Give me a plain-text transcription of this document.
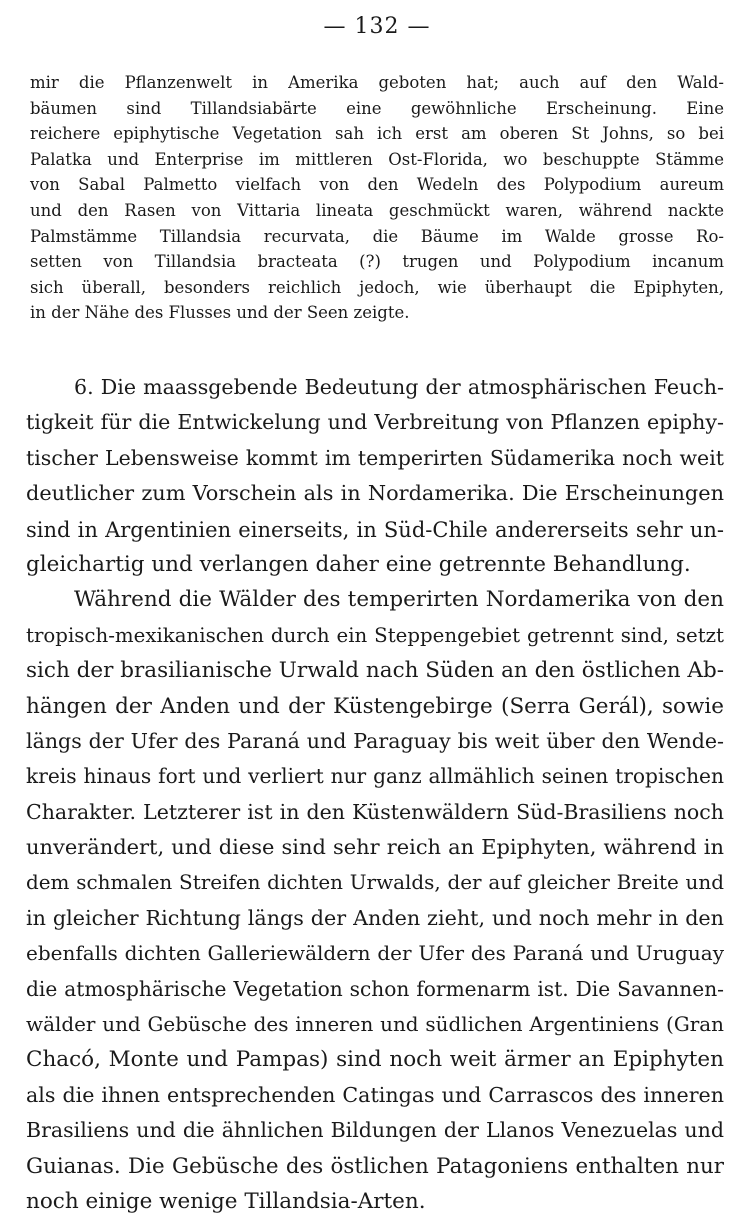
— 132 —
mir die Pflanzenwelt in Amerika geboten hat; auch auf den Wald-
bäumen sind Tillandsiabärte eine gewöhnliche Erscheinung. Eine
reichere epiphytische Vegetation sah ich erst am oberen St Johns, so bei
Palatka und Enterprise im mittleren Ost-Florida, wo beschuppte Stämme
von Sabal Palmetto vielfach von den Wedeln des Polypodium aureum
und den Rasen von Vittaria lineata geschmückt waren, während nackte
Palmstämme Tillandsia recurvata, die Bäume im Walde grosse Ro-
setten von Tillandsia bracteata (?) trugen und Polypodium incanum
sich überall, besonders reichlich jedoch, wie überhaupt die Epiphyten,
in der Nähe des Flusses und der Seen zeigte.
6. Die maassgebende Bedeutung der atmosphärischen Feuch-
tigkeit für die Entwickelung und Verbreitung von Pflanzen epiphy-
tischer Lebensweise kommt im temperirten Südamerika noch weit
deutlicher zum Vorschein als in Nordamerika. Die Erscheinungen
sind in Argentinien einerseits, in Süd-Chile andererseits sehr un-
gleichartig und verlangen daher eine getrennte Behandlung.
Während die Wälder des temperirten Nordamerika von den
tropisch-mexikanischen durch ein Steppengebiet getrennt sind, setzt
sich der brasilianische Urwald nach Süden an den östlichen Ab-
hängen der Anden und der Küstengebirge (Serra Gerál), sowie
längs der Ufer des Paraná und Paraguay bis weit über den Wende-
kreis hinaus fort und verliert nur ganz allmählich seinen tropischen
Charakter. Letzterer ist in den Küstenwäldern Süd-Brasiliens noch
unverändert, und diese sind sehr reich an Epiphyten, während in
dem schmalen Streifen dichten Urwalds, der auf gleicher Breite und
in gleicher Richtung längs der Anden zieht, und noch mehr in den
ebenfalls dichten Galleriewäldern der Ufer des Paraná und Uruguay
die atmosphärische Vegetation schon formenarm ist. Die Savannen-
wälder und Gebüsche des inneren und südlichen Argentiniens (Gran
Chacó, Monte und Pampas) sind noch weit ärmer an Epiphyten
als die ihnen entsprechenden Catingas und Carrascos des inneren
Brasiliens und die ähnlichen Bildungen der Llanos Venezuelas und
Guianas. Die Gebüsche des östlichen Patagoniens enthalten nur
noch einige wenige Tillandsia-Arten.
